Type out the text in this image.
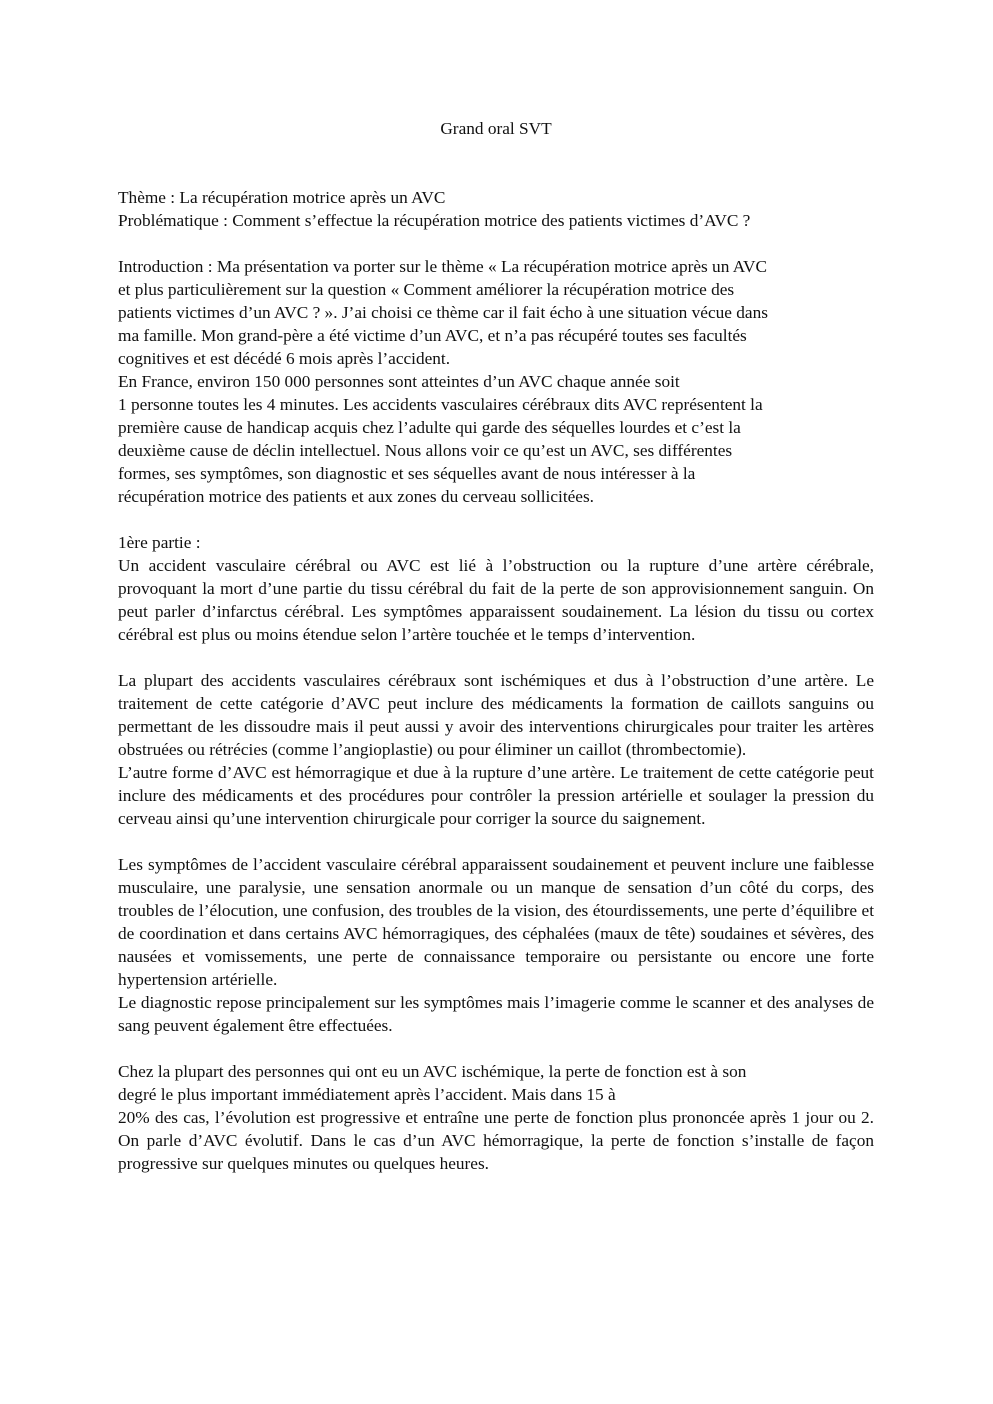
Grand oral SVT

Thème : La récupération motrice après un AVC

Problématique : Comment s’effectue la récupération motrice des patients victimes d’AVC ?

Introduction : Ma présentation va porter sur le thème « La récupération motrice après un AVC

et plus particulièrement sur la question « Comment améliorer la récupération motrice des

patients victimes d’un AVC ? ». J’ai choisi ce thème car il fait écho à une situation vécue dans

ma famille. Mon grand-père a été victime d’un AVC, et n’a pas récupéré toutes ses facultés

cognitives et est décédé 6 mois après l’accident.

En France, environ 150 000 personnes sont atteintes d’un AVC chaque année soit

1 personne toutes les 4 minutes. Les accidents vasculaires cérébraux dits AVC représentent la

première cause de handicap acquis chez l’adulte qui garde des séquelles lourdes et c’est la

deuxième cause de déclin intellectuel. Nous allons voir ce qu’est un AVC, ses différentes

formes, ses symptômes, son diagnostic et ses séquelles avant de nous intéresser à la

récupération motrice des patients et aux zones du cerveau sollicitées.

1ère partie :

Un accident vasculaire cérébral ou AVC est lié à l’obstruction ou la rupture d’une artère cérébrale, provoquant la mort d’une partie du tissu cérébral du fait de la perte de son approvisionnement sanguin. On peut parler d’infarctus cérébral. Les symptômes apparaissent soudainement. La lésion du tissu ou cortex cérébral est plus ou moins étendue selon l’artère touchée et le temps d’intervention.

La plupart des accidents vasculaires cérébraux sont ischémiques et dus à l’obstruction d’une artère. Le traitement de cette catégorie d’AVC peut inclure des médicaments la formation de caillots sanguins ou permettant de les dissoudre mais il peut aussi y avoir des interventions chirurgicales pour traiter les artères obstruées ou rétrécies (comme l’angioplastie) ou pour éliminer un caillot (thrombectomie).

L’autre forme d’AVC est hémorragique et due à la rupture d’une artère. Le traitement de cette catégorie peut inclure des médicaments et des procédures pour contrôler la pression artérielle et soulager la pression du cerveau ainsi qu’une intervention chirurgicale pour corriger la source du saignement.

Les symptômes de l’accident vasculaire cérébral apparaissent soudainement et peuvent inclure une faiblesse musculaire, une paralysie, une sensation anormale ou un manque de sensation d’un côté du corps, des troubles de l’élocution, une confusion, des troubles de la vision, des étourdissements, une perte d’équilibre et de coordination et dans certains AVC hémorragiques, des céphalées (maux de tête) soudaines et sévères, des nausées et vomissements, une perte de connaissance temporaire ou persistante ou encore une forte hypertension artérielle.

Le diagnostic repose principalement sur les symptômes mais l’imagerie comme le scanner et des analyses de sang peuvent également être effectuées.

Chez la plupart des personnes qui ont eu un AVC ischémique, la perte de fonction est à son

degré le plus important immédiatement après l’accident. Mais dans 15 à

20% des cas, l’évolution est progressive et entraîne une perte de fonction plus prononcée après 1 jour ou 2. On parle d’AVC évolutif. Dans le cas d’un AVC hémorragique, la perte de fonction s’installe de façon progressive sur quelques minutes ou quelques heures.
